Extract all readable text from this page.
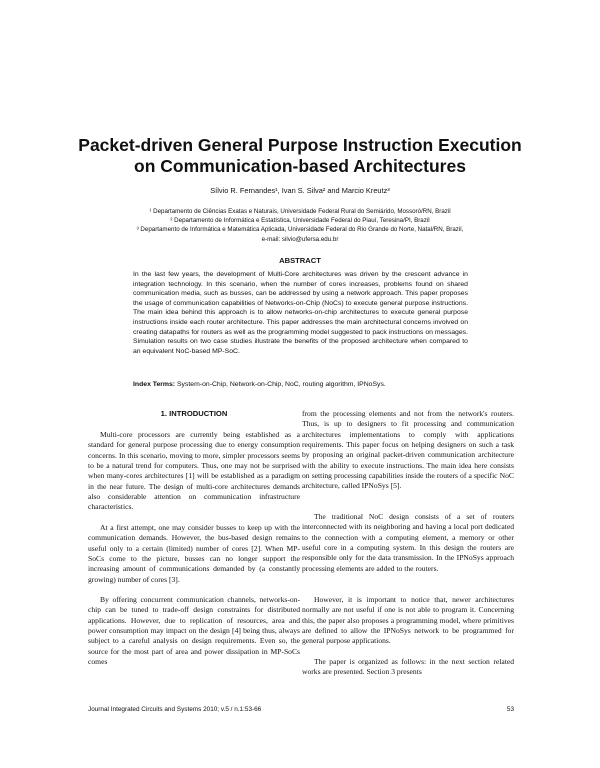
Packet-driven General Purpose Instruction Execution
on Communication-based Architectures
Sílvio R. Fernandes¹, Ivan S. Silva² and Marcio Kreutz³
¹ Departamento de Ciências Exatas e Naturais, Universidade Federal Rural do Semiárido, Mossoró/RN, Brazil
² Departamento de Informática e Estatística, Universidade Federal do Piauí, Teresina/PI, Brazil
³ Departamento de Informática e Matemática Aplicada, Universidade Federal do Rio Grande do Norte, Natal/RN, Brazil,
e-mail: silvio@ufersa.edu.br
ABSTRACT

In the last few years, the development of Multi-Core architectures was driven by the crescent advance in integration technology. In this scenario, when the number of cores increases, problems found on shared communication media, such as busses, can be addressed by using a network approach. This paper proposes the usage of communication capabilities of Networks-on-Chip (NoCs) to execute general purpose instructions. The main idea behind this approach is to allow networks-on-chip architectures to execute general purpose instructions inside each router architecture. This paper addresses the main architectural concerns involved on creating datapaths for routers as well as the programming model suggested to pack instructions on messages. Simulation results on two case studies illustrate the benefits of the proposed architecture when compared to an equivalent NoC-based MP-SoC.

Index Terms: System-on-Chip, Network-on-Chip, NoC, routing algorithm, IPNoSys.

1. INTRODUCTION

Multi-core processors are currently being established as a standard for general purpose processing due to energy consumption concerns. In this scenario, moving to more, simpler processors seems to be a natural trend for computers. Thus, one may not be surprised when many-cores architectures [1] will be established as a paradigm in the near future. The design of multi-core architectures demands also considerable attention on communication infrastructure characteristics.

At a first attempt, one may consider busses to keep up with the communication demands. However, the bus-based design remains useful only to a certain (limited) number of cores [2]. When MP-SoCs come to the picture, busses can no longer support the increasing amount of communications demanded by (a constantly growing) number of cores [3].

By offering concurrent communication channels, networks-on-chip can be tuned to trade-off design constraints for distributed applications. However, due to replication of resources, area and power consumption may impact on the design [4] being thus, always subject to a careful analysis on design requirements. Even so, the source for the most part of area and power dissipation in MP-SoCs comes

from the processing elements and not from the network's routers. Thus, is up to designers to fit processing and communication architectures implementations to comply with applications requirements. This paper focus on helping designers on such a task by proposing an original packet-driven communication architecture with the ability to execute instructions. The main idea here consists on setting processing capabilities inside the routers of a specific NoC architecture, called IPNoSys [5].

The traditional NoC design consists of a set of routers interconnected with its neighboring and having a local port dedicated to the connection with a computing element, a memory or other useful core in a computing system. In this design the routers are responsible only for the data transmission. In the IPNoSys approach processing elements are added to the routers.

However, it is important to notice that, newer architectures normally are not useful if one is not able to program it. Concerning this, the paper also proposes a programming model, where primitives are defined to allow the IPNoSys network to be programmed for general purpose applications.

The paper is organized as follows: in the next section related works are presented. Section 3 presents

Journal Integrated Circuits and Systems 2010; v.5 / n.1:53-66	53
